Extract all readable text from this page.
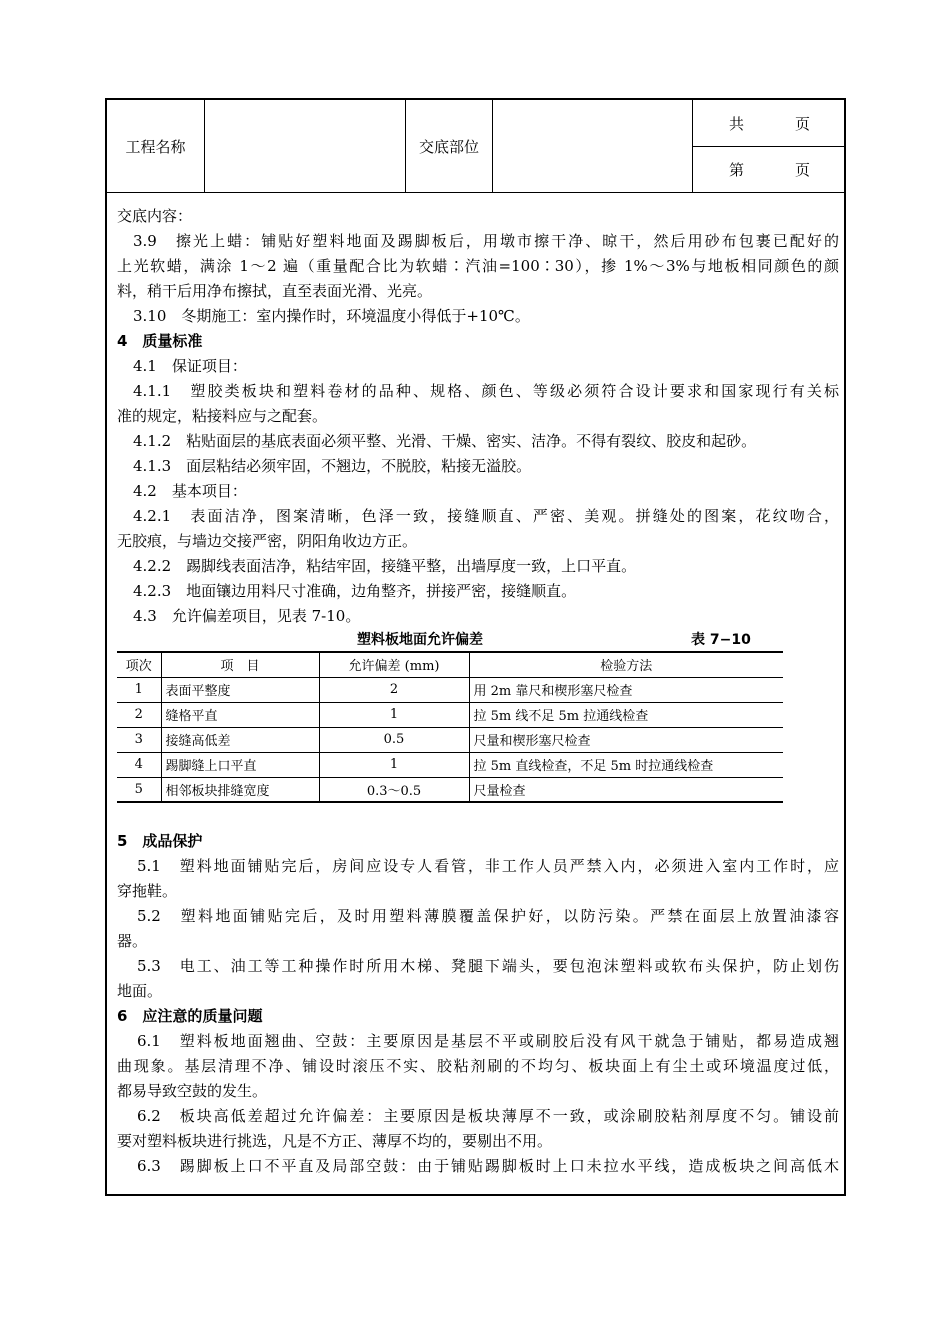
工程名称	交底部位
共	页
第	页
交底内容：
3.9　擦光上蜡：铺贴好塑料地面及踢脚板后，用墩市擦干净、晾干，然后用砂布包裹已配好的
上光软蜡，满涂 1～2 遍（重量配合比为软蜡∶汽油=100∶30），掺 1%～3%与地板相同颜色的颜
料，稍干后用净布擦拭，直至表面光滑、光亮。
3.10　冬期施工：室内操作时，环境温度小得低于+10℃。
4　质量标准
4.1　保证项目：
4.1.1　塑胶类板块和塑料卷材的品种、规格、颜色、等级必须符合设计要求和国家现行有关标
准的规定，粘接料应与之配套。
4.1.2　粘贴面层的基底表面必须平整、光滑、干燥、密实、洁净。不得有裂纹、胶皮和起砂。
4.1.3　面层粘结必须牢固，不翘边，不脱胶，粘接无溢胶。
4.2　基本项目：
4.2.1　表面洁净，图案清晰，色泽一致，接缝顺直、严密、美观。拼缝处的图案，花纹吻合，
无胶痕，与墙边交接严密，阴阳角收边方正。
4.2.2　踢脚线表面洁净，粘结牢固，接缝平整，出墙厚度一致，上口平直。
4.2.3　地面镶边用料尺寸准确，边角整齐，拼接严密，接缝顺直。
4.3　允许偏差项目，见表 7-10。
塑料板地面允许偏差	表 7−10
项次	项　目	允许偏差 (mm)	检验方法
1	表面平整度	2	用 2m 靠尺和楔形塞尺检查
2	缝格平直	1	拉 5m 线不足 5m 拉通线检查
3	接缝高低差	0.5	尺量和楔形塞尺检查
4	踢脚缝上口平直	1	拉 5m 直线检查，不足 5m 时拉通线检查
5	相邻板块排缝宽度	0.3～0.5	尺量检查
5　成品保护
5.1　塑料地面铺贴完后，房间应设专人看管，非工作人员严禁入内，必须进入室内工作时，应
穿拖鞋。
5.2　塑料地面铺贴完后，及时用塑料薄膜覆盖保护好，以防污染。严禁在面层上放置油漆容
器。
5.3　电工、油工等工种操作时所用木梯、凳腿下端头，要包泡沫塑料或软布头保护，防止划伤
地面。
6　应注意的质量问题
6.1　塑料板地面翘曲、空鼓：主要原因是基层不平或刷胶后没有风干就急于铺贴，都易造成翘
曲现象。基层清理不净、铺设时滚压不实、胶粘剂刷的不均匀、板块面上有尘土或环境温度过低，
都易导致空鼓的发生。
6.2　板块高低差超过允许偏差：主要原因是板块薄厚不一致，或涂刷胶粘剂厚度不匀。铺设前
要对塑料板块进行挑选，凡是不方正、薄厚不均的，要剔出不用。
6.3　踢脚板上口不平直及局部空鼓：由于铺贴踢脚板时上口未拉水平线，造成板块之间高低木
